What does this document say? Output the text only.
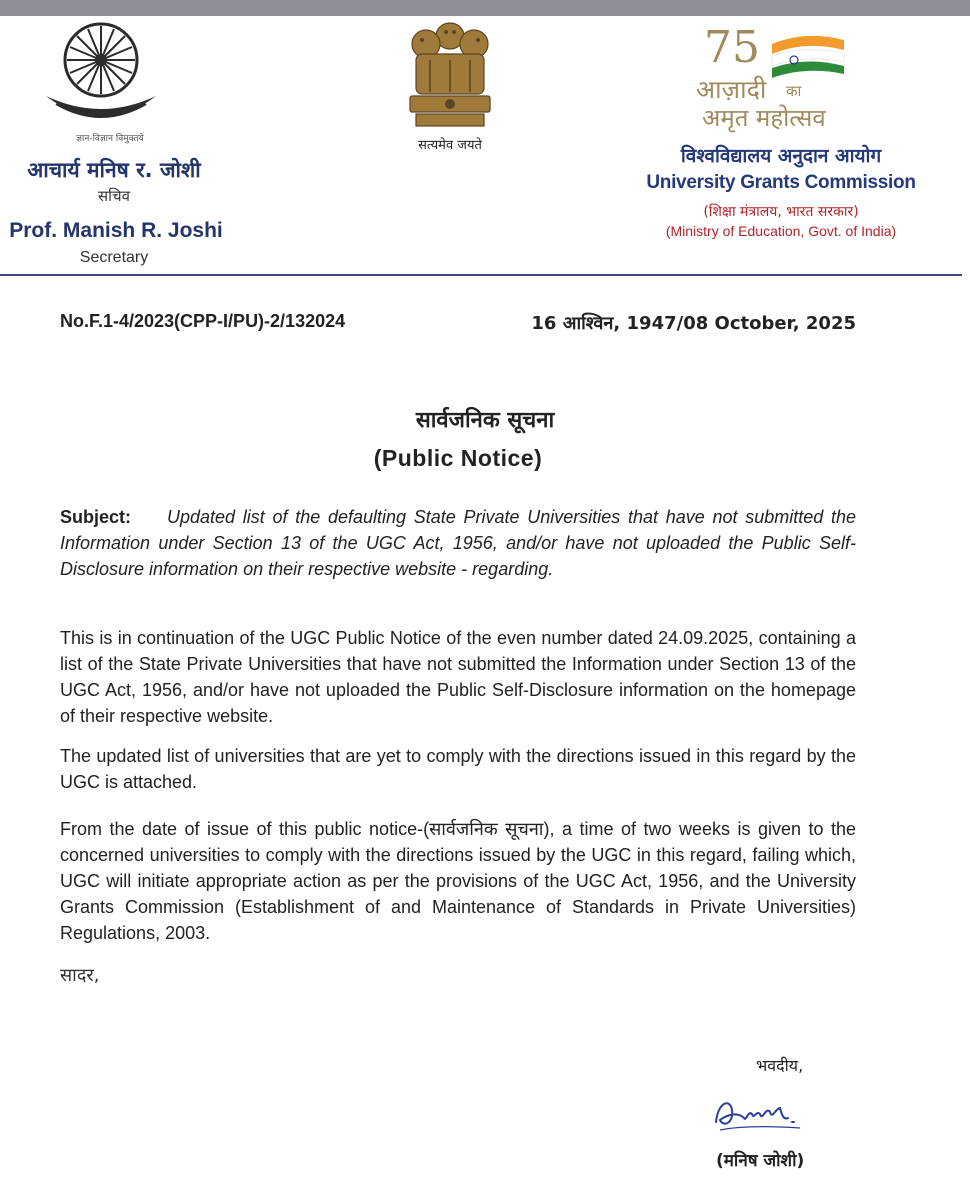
ज्ञान-विज्ञान विमुक्तये
आचार्य मनिष र. जोशी
सचिव
Prof. Manish R. Joshi
Secretary
सत्यमेव जयते
75
आज़ादी का
अमृत महोत्सव
विश्वविद्यालय अनुदान आयोग
University Grants Commission
(शिक्षा मंत्रालय, भारत सरकार)
(Ministry of Education, Govt. of India)
No.F.1-4/2023(CPP-I/PU)-2/132024	16 आश्विन, 1947/08 October, 2025
सार्वजनिक सूचना
(Public Notice)
Subject: Updated list of the defaulting State Private Universities that have not submitted the Information under Section 13 of the UGC Act, 1956, and/or have not uploaded the Public Self-Disclosure information on their respective website - regarding.
This is in continuation of the UGC Public Notice of the even number dated 24.09.2025, containing a list of the State Private Universities that have not submitted the Information under Section 13 of the UGC Act, 1956, and/or have not uploaded the Public Self-Disclosure information on the homepage of their respective website.
The updated list of universities that are yet to comply with the directions issued in this regard by the UGC is attached.
From the date of issue of this public notice-(सार्वजनिक सूचना), a time of two weeks is given to the concerned universities to comply with the directions issued by the UGC in this regard, failing which, UGC will initiate appropriate action as per the provisions of the UGC Act, 1956, and the University Grants Commission (Establishment of and Maintenance of Standards in Private Universities) Regulations, 2003.
सादर,
भवदीय,
(मनिष जोशी)
